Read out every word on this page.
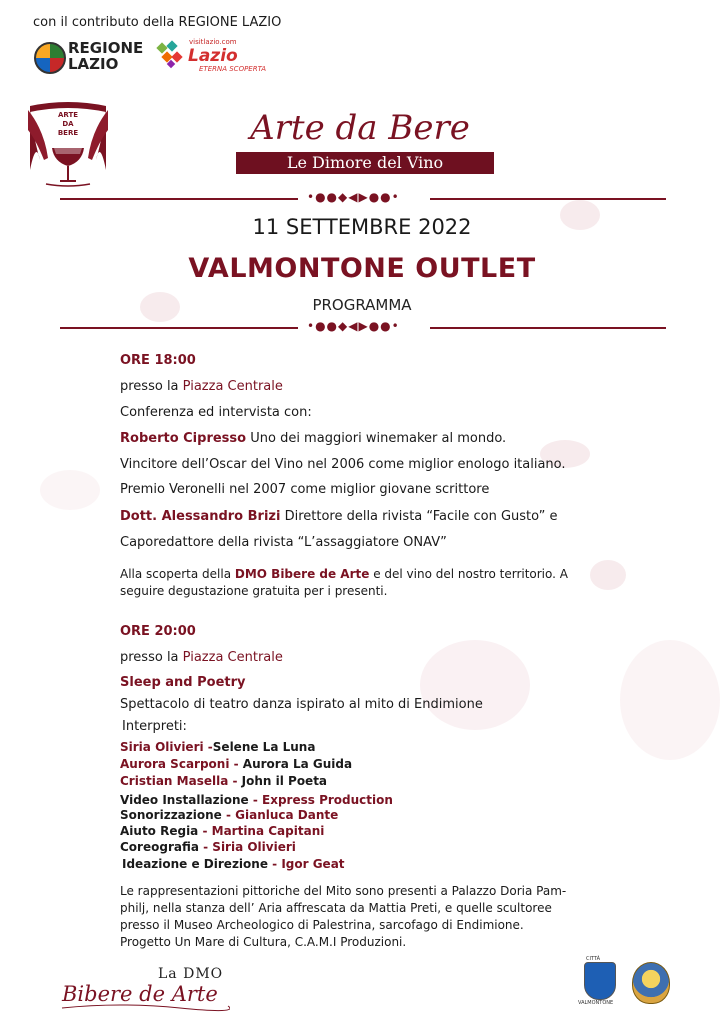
con il contributo della REGIONE LAZIO
REGIONE
LAZIO
visitlazio.com
Lazio
ETERNA SCOPERTA
ARTE
DA
BERE	Arte da Bere
Le Dimore del Vino
•●●◆◀▶●●•
11 SETTEMBRE 2022
VALMONTONE OUTLET
PROGRAMMA
•●●◆◀▶●●•
ORE 18:00
presso la Piazza Centrale
Conferenza ed intervista con:
Roberto Cipresso Uno dei maggiori winemaker al mondo.
Vincitore dell’Oscar del Vino nel 2006 come miglior enologo italiano.
Premio Veronelli nel 2007 come miglior giovane scrittore
Dott. Alessandro Brizi Direttore della rivista “Facile con Gusto” e
Caporedattore della rivista “L’assaggiatore ONAV”
Alla scoperta della DMO Bibere de Arte e del vino del nostro territorio. A
seguire degustazione gratuita per i presenti.
ORE 20:00
presso la Piazza Centrale
Sleep and Poetry
Spettacolo di teatro danza ispirato al mito di Endimione
Interpreti:
Siria Olivieri -Selene La Luna
Aurora Scarponi - Aurora La Guida
Cristian Masella - John il Poeta
Video Installazione - Express Production
Sonorizzazione - Gianluca Dante
Aiuto Regia - Martina Capitani
Coreografia - Siria Olivieri
Ideazione e Direzione - Igor Geat
Le rappresentazioni pittoriche del Mito sono presenti a Palazzo Doria Pam-
philj, nella stanza dell’ Aria affrescata da Mattia Preti, e quelle scultoree
presso il Museo Archeologico di Palestrina, sarcofago di Endimione.
Progetto Un Mare di Cultura, C.A.M.I Produzioni.
La DMO
Bibere de Arte
CITTÀ
VALMONTONE
